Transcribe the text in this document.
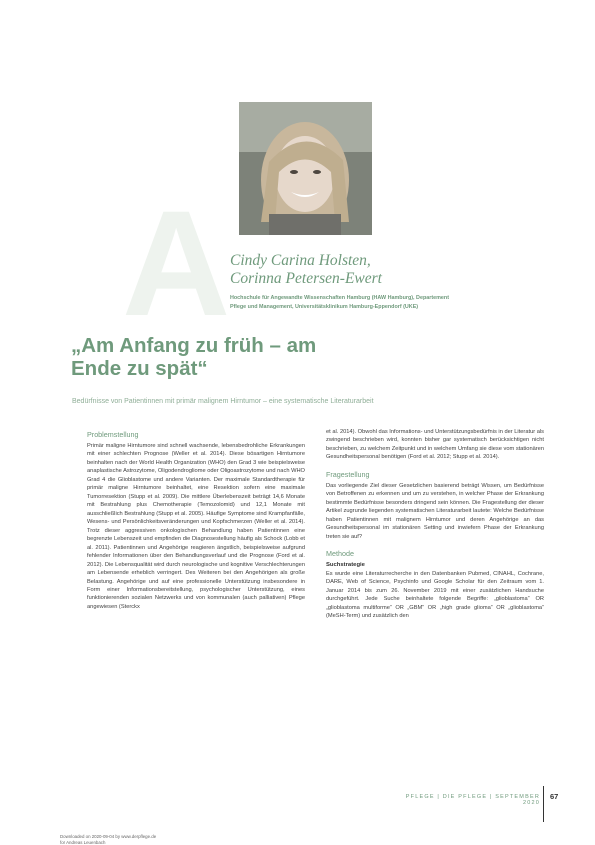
A Cindy Carina Holsten,
Corinna Petersen-Ewert
Hochschule für Angewandte Wissenschaften Hamburg (HAW Hamburg), Departement
Pflege und Management, Universitätsklinikum Hamburg-Eppendorf (UKE)
„Am Anfang zu früh – am
Ende zu spät“
Bedürfnisse von Patientinnen mit primär malignem Hirntumor – eine systematische Literaturarbeit
Problemstellung

Primär maligne Hirntumore sind schnell wachsende, lebensbedrohliche Erkrankungen mit einer schlechten Prognose (Weller et al. 2014). Diese bösartigen Hirntumore beinhalten nach der World Health Organization (WHO) den Grad 3 wie beispielsweise anaplastische Astrozytome, Oligodendrogliome oder Oligoastrozytome und nach WHO Grad 4 die Glioblastome und andere Varianten. Der maximale Standardtherapie für primär maligne Hirntumore beinhaltet, eine Resektion sofern eine maximale Tumorresektion (Stupp et al. 2009). Die mittlere Überlebenszeit beträgt 14,6 Monate mit Bestrahlung plus Chemotherapie (Temozolomid) und 12,1 Monate mit ausschließlich Bestrahlung (Stupp et al. 2005). Häufige Symptome sind Krampfanfälle, Wesens- und Persönlichkeitsveränderungen und Kopfschmerzen (Weller et al. 2014). Trotz dieser aggressiven onkologischen Behandlung haben Patientinnen eine begrenzte Lebenszeit und empfinden die Diagnosestellung häufig als Schock (Lobb et al. 2011). Patientinnen und Angehörige reagieren ängstlich, beispielsweise aufgrund fehlender Informationen über den Behandlungsverlauf und die Prognose (Ford et al. 2012). Die Lebensqualität wird durch neurologische und kognitive Verschlechterungen am Lebensende erheblich verringert. Des Weiteren bei den Angehörigen als große Belastung. Angehörige und auf eine professionelle Unterstützung insbesondere in Form einer Informationsbereitstellung, psychologischer Unterstützung, eines funktionierenden sozialen Netzwerks und von kommunalen (auch palliativen) Pflege angewiesen (Sterckx

et al. 2014). Obwohl das Informations- und Unterstützungsbedürfnis in der Literatur als zwingend beschrieben wird, konnten bisher gar systematisch berücksichtigen nicht beschrieben, zu welchem Zeitpunkt und in welchem Umfang sie diese vom stationären Gesundheitspersonal benötigen (Ford et al. 2012; Stupp et al. 2014).

Fragestellung

Das vorliegende Ziel dieser Gesetzlichen basierend beträgt Wissen, um Bedürfnisse von Betroffenen zu erkennen und um zu verstehen, in welcher Phase der Erkrankung bestimmte Bedürfnisse besonders dringend sein können. Die Fragestellung der dieser Artikel zugrunde liegenden systematischen Literaturarbeit lautete: Welche Bedürfnisse haben Patientinnen mit malignem Hirntumor und deren Angehörige an das Gesundheitspersonal im stationären Setting und inwiefern Phase der Erkrankung treten sie auf?

Methode
Suchstrategie

Es wurde eine Literaturrecherche in den Datenbanken Pubmed, CINAHL, Cochrane, DARE, Web of Science, Psychinfo und Google Scholar für den Zeitraum vom 1. Januar 2014 bis zum 26. November 2019 mit einer zusätzlichen Handsuche durchgeführt. Jede Suche beinhaltete folgende Begriffe: „glioblastoma“ OR „glioblastoma multiforme“ OR „GBM“ OR „high grade glioma“ OR „glioblastoma“ (MeSH-Term) und zusätzlich den

PFLEGE | DIE PFLEGE | SEPTEMBER 2020
67
Downloaded on 2020-09-04 by www.derpflege.de
for Andreas Leuenbach
